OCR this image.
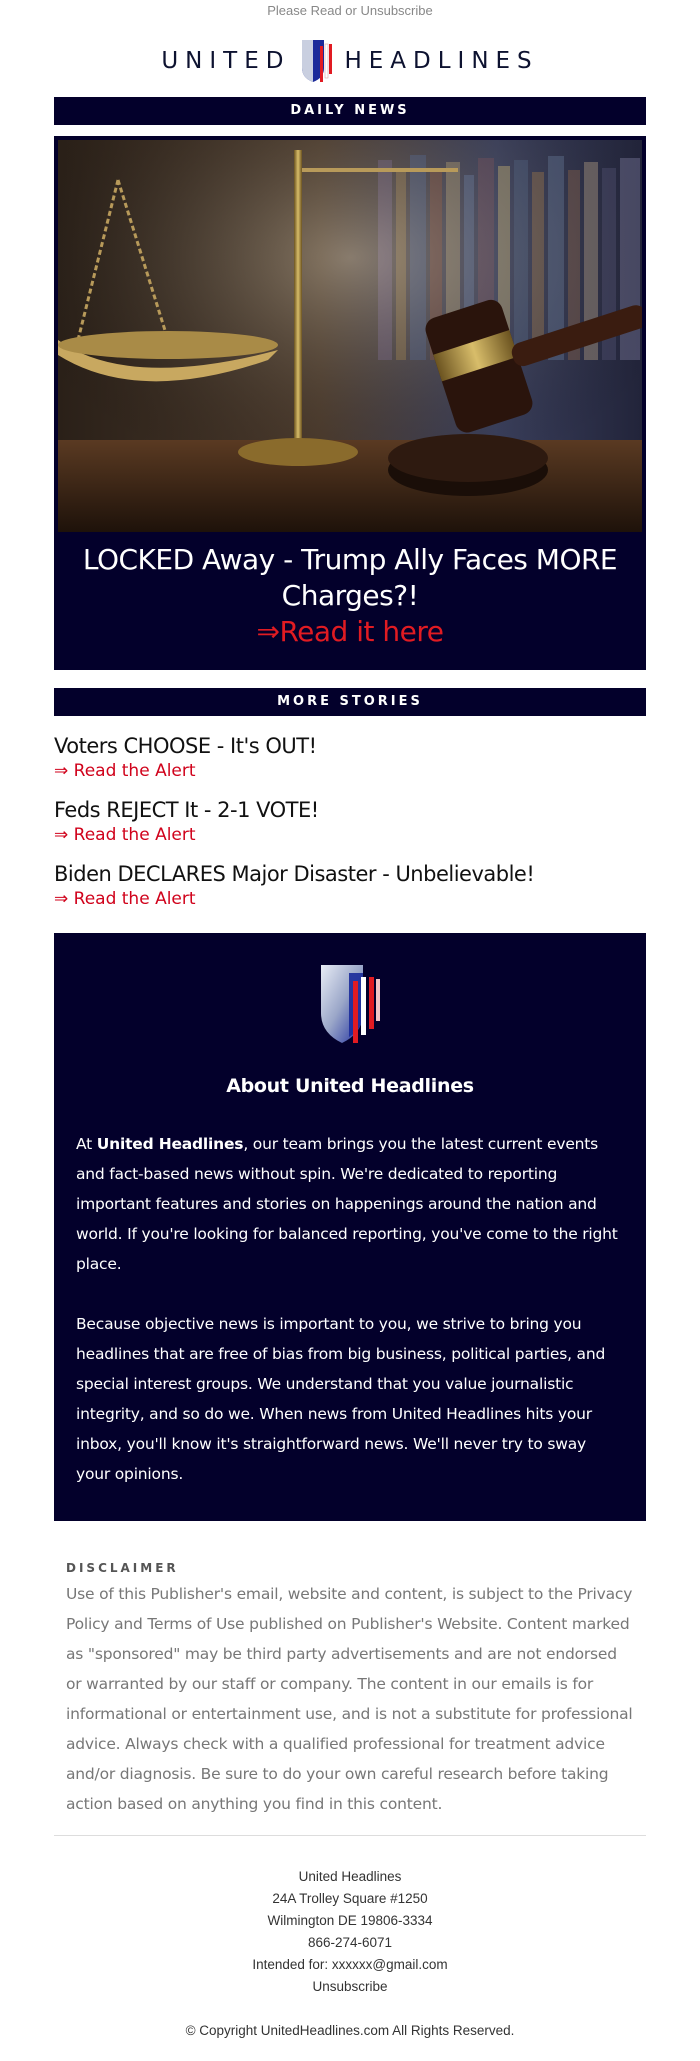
Please Read or Unsubscribe
UNITED HEADLINES
DAILY NEWS
LOCKED Away - Trump Ally Faces MORE Charges?!
⇒Read it here
MORE STORIES
Voters CHOOSE - It's OUT!
⇒ Read the Alert
Feds REJECT It - 2-1 VOTE!
⇒ Read the Alert
Biden DECLARES Major Disaster - Unbelievable!
⇒ Read the Alert
About United Headlines

At United Headlines, our team brings you the latest current events and fact-based news without spin. We're dedicated to reporting important features and stories on happenings around the nation and world. If you're looking for balanced reporting, you've come to the right place.

Because objective news is important to you, we strive to bring you headlines that are free of bias from big business, political parties, and special interest groups. We understand that you value journalistic integrity, and so do we. When news from United Headlines hits your inbox, you'll know it's straightforward news. We'll never try to sway your opinions.

DISCLAIMER
Use of this Publisher's email, website and content, is subject to the Privacy Policy and Terms of Use published on Publisher's Website. Content marked as "sponsored" may be third party advertisements and are not endorsed or warranted by our staff or company. The content in our emails is for informational or entertainment use, and is not a substitute for professional advice. Always check with a qualified professional for treatment advice and/or diagnosis. Be sure to do your own careful research before taking action based on anything you find in this content.
United Headlines
24A Trolley Square #1250
Wilmington DE 19806-3334
866-274-6071
Intended for: xxxxxx@gmail.com
Unsubscribe
© Copyright UnitedHeadlines.com All Rights Reserved.
